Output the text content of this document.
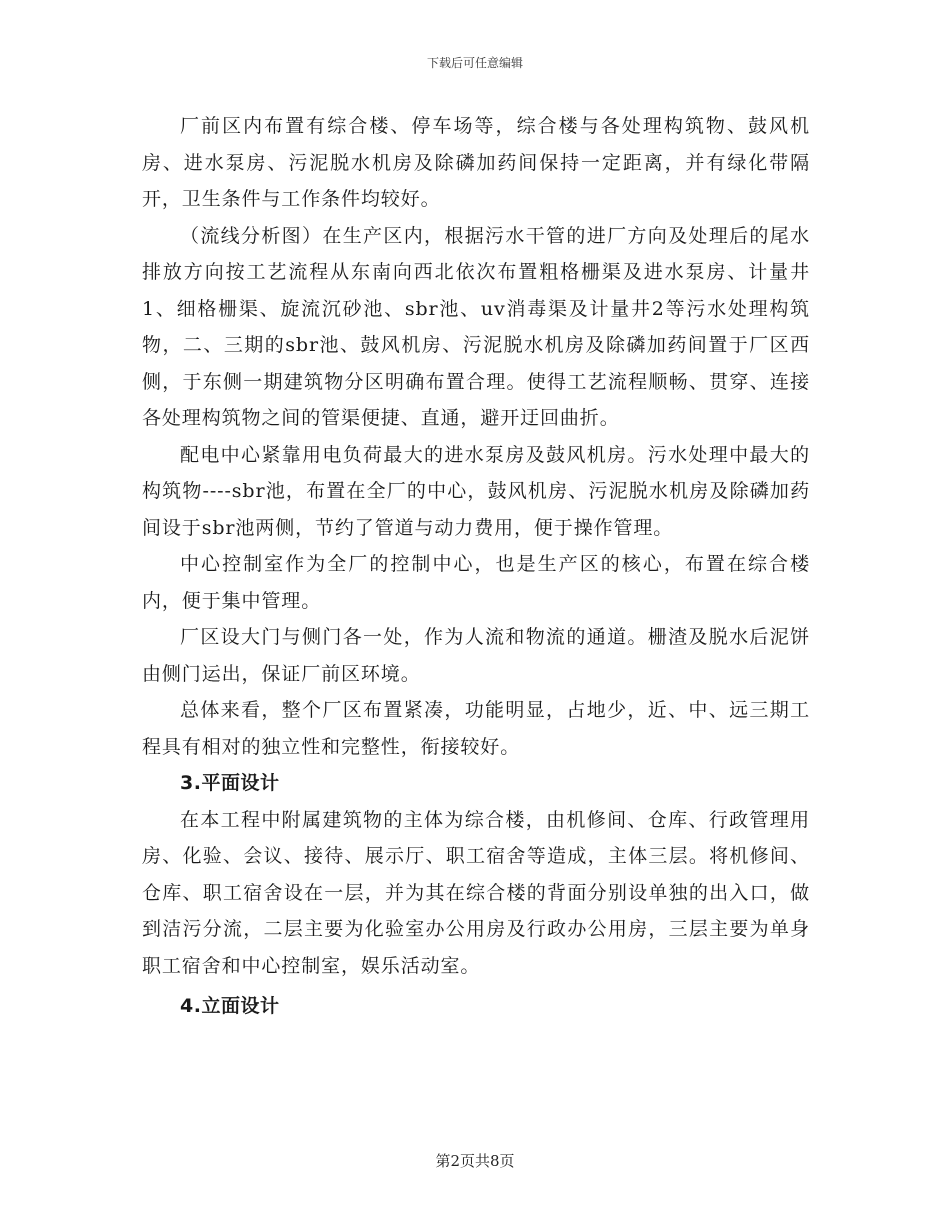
下载后可任意编辑

厂前区内布置有综合楼、停车场等，综合楼与各处理构筑物、鼓风机房、进水泵房、污泥脱水机房及除磷加药间保持一定距离，并有绿化带隔开，卫生条件与工作条件均较好。

（流线分析图）在生产区内，根据污水干管的进厂方向及处理后的尾水排放方向按工艺流程从东南向西北依次布置粗格栅渠及进水泵房、计量井1、细格栅渠、旋流沉砂池、sbr池、uv消毒渠及计量井2等污水处理构筑物，二、三期的sbr池、鼓风机房、污泥脱水机房及除磷加药间置于厂区西侧，于东侧一期建筑物分区明确布置合理。使得工艺流程顺畅、贯穿、连接各处理构筑物之间的管渠便捷、直通，避开迂回曲折。

配电中心紧靠用电负荷最大的进水泵房及鼓风机房。污水处理中最大的构筑物----sbr池，布置在全厂的中心，鼓风机房、污泥脱水机房及除磷加药间设于sbr池两侧，节约了管道与动力费用，便于操作管理。

中心控制室作为全厂的控制中心，也是生产区的核心，布置在综合楼内，便于集中管理。

厂区设大门与侧门各一处，作为人流和物流的通道。栅渣及脱水后泥饼由侧门运出，保证厂前区环境。

总体来看，整个厂区布置紧凑，功能明显，占地少，近、中、远三期工程具有相对的独立性和完整性，衔接较好。

3.平面设计

在本工程中附属建筑物的主体为综合楼，由机修间、仓库、行政管理用房、化验、会议、接待、展示厅、职工宿舍等造成，主体三层。将机修间、仓库、职工宿舍设在一层，并为其在综合楼的背面分别设单独的出入口，做到洁污分流，二层主要为化验室办公用房及行政办公用房，三层主要为单身职工宿舍和中心控制室，娱乐活动室。

4.立面设计

第2页共8页
